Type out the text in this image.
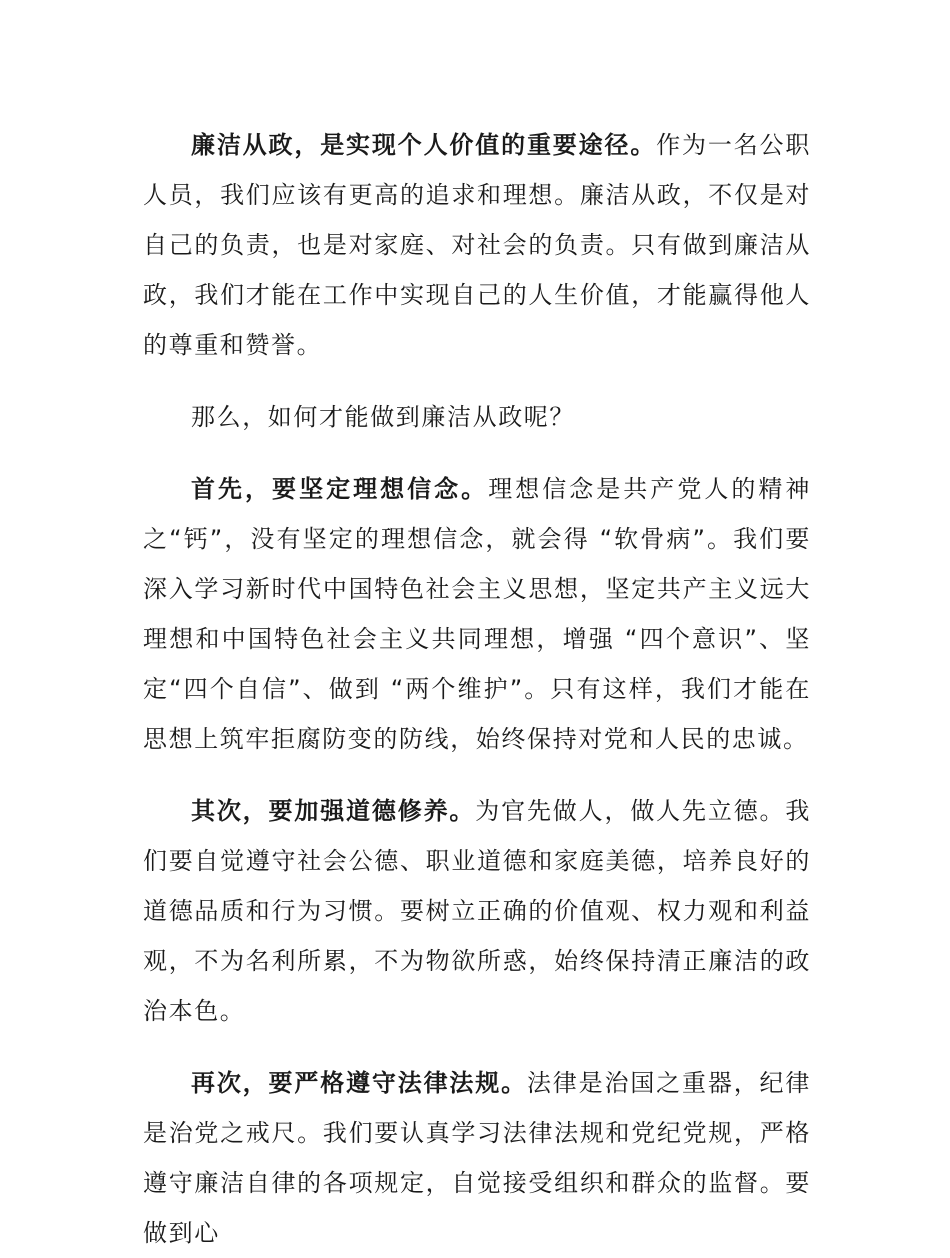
廉洁从政，是实现个人价值的重要途径。作为一名公职人员，我们应该有更高的追求和理想。廉洁从政，不仅是对自己的负责，也是对家庭、对社会的负责。只有做到廉洁从政，我们才能在工作中实现自己的人生价值，才能赢得他人的尊重和赞誉。

那么，如何才能做到廉洁从政呢？

首先，要坚定理想信念。理想信念是共产党人的精神之“钙”，没有坚定的理想信念，就会得 “软骨病”。我们要深入学习新时代中国特色社会主义思想，坚定共产主义远大理想和中国特色社会主义共同理想，增强 “四个意识”、坚定“四个自信”、做到 “两个维护”。只有这样，我们才能在思想上筑牢拒腐防变的防线，始终保持对党和人民的忠诚。

其次，要加强道德修养。为官先做人，做人先立德。我们要自觉遵守社会公德、职业道德和家庭美德，培养良好的道德品质和行为习惯。要树立正确的价值观、权力观和利益观，不为名利所累，不为物欲所惑，始终保持清正廉洁的政治本色。

再次，要严格遵守法律法规。法律是治国之重器，纪律是治党之戒尺。我们要认真学习法律法规和党纪党规，严格遵守廉洁自律的各项规定，自觉接受组织和群众的监督。要做到心
